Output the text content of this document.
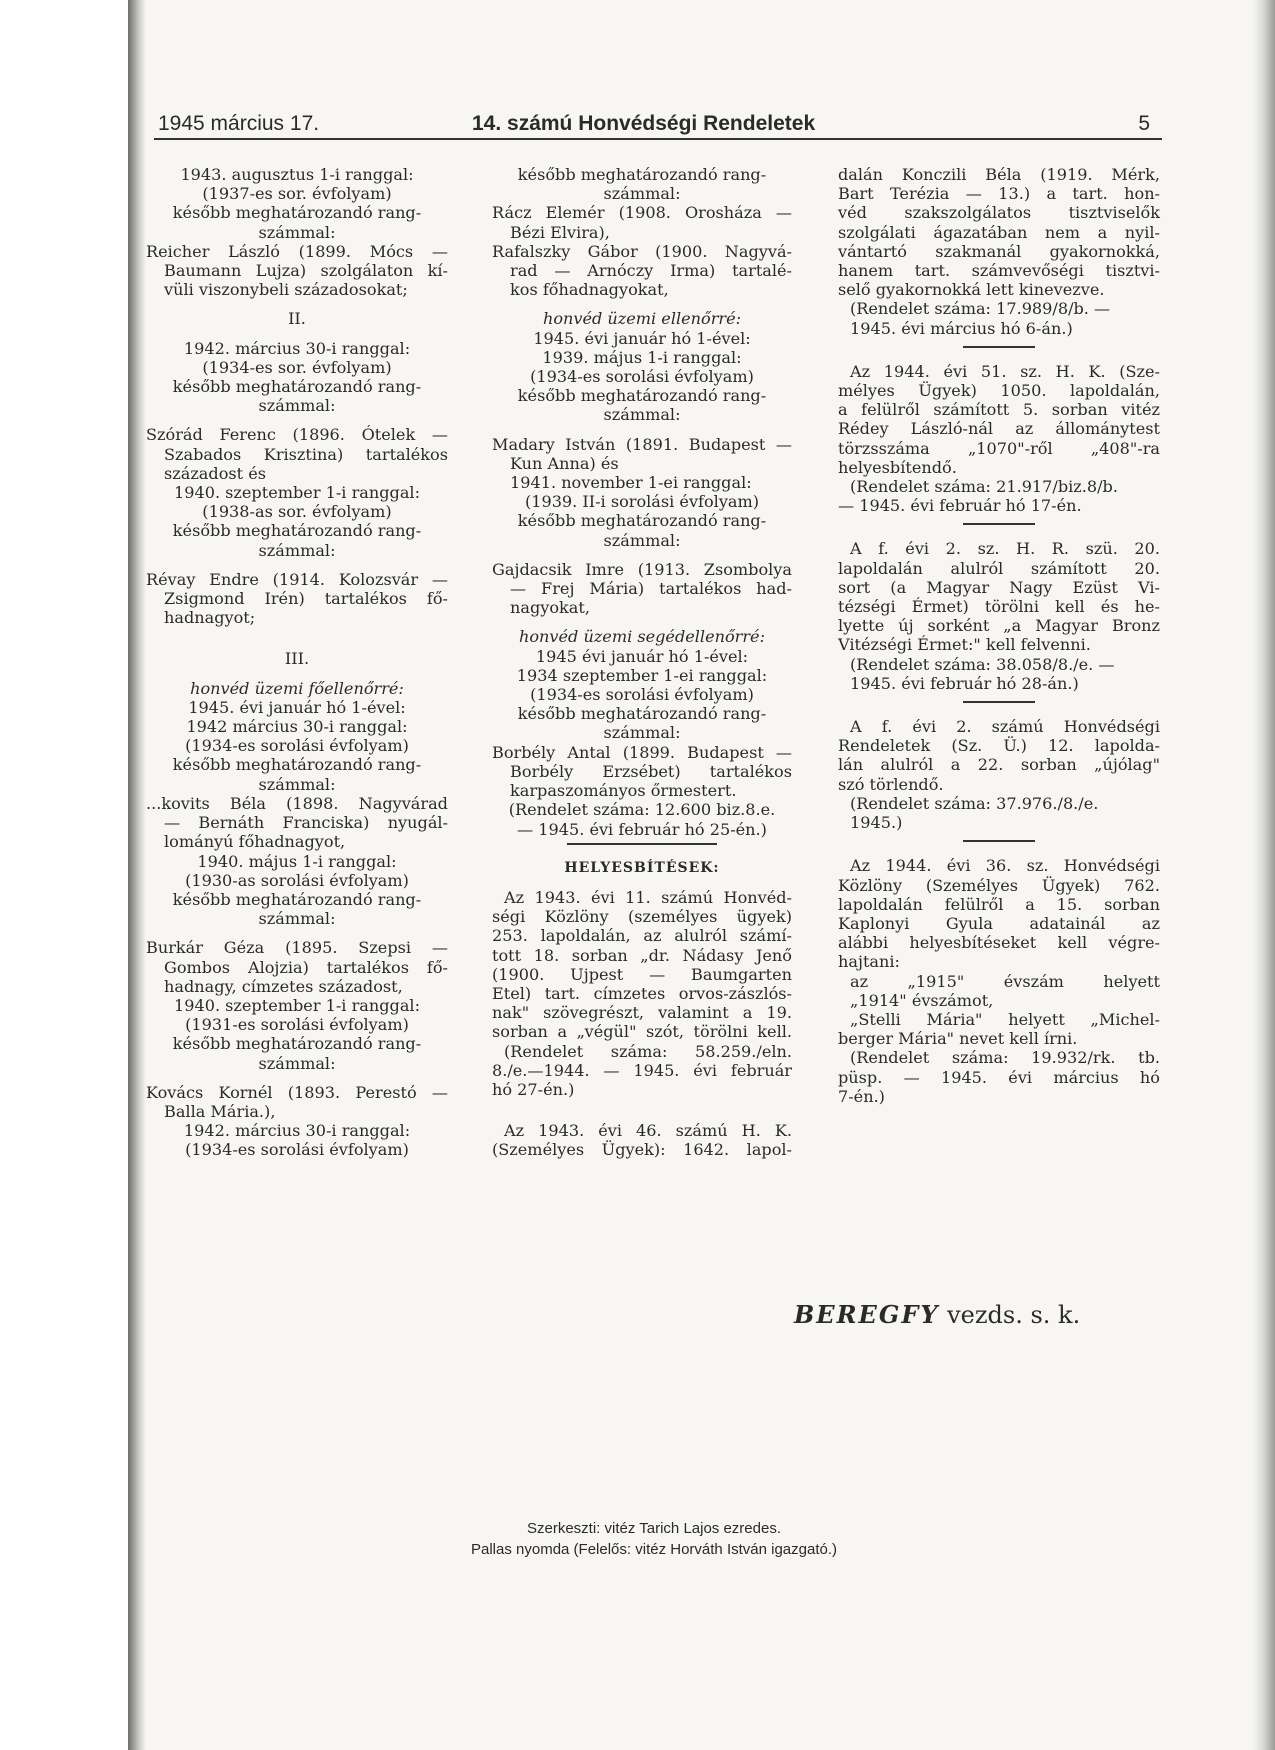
1945 március 17.	14. számú Honvédségi Rendeletek	5

1943. augusztus 1-i ranggal:

(1937-es sor. évfolyam)

később meghatározandó rang-

számmal:

Reicher László (1899. Mócs —

Baumann Lujza) szolgálaton kí-

vüli viszonybeli századosokat;

II.

1942. március 30-i ranggal:

(1934-es sor. évfolyam)

később meghatározandó rang-

számmal:

Szórád Ferenc (1896. Ótelek —

Szabados Krisztina) tartalékos

századost és

1940. szeptember 1-i ranggal:

(1938-as sor. évfolyam)

később meghatározandó rang-

számmal:

Révay Endre (1914. Kolozsvár —

Zsigmond Irén) tartalékos fő-

hadnagyot;

III.

honvéd üzemi főellenőrré:

1945. évi január hó 1-ével:

1942 március 30-i ranggal:

(1934-es sorolási évfolyam)

később meghatározandó rang-

számmal:

...kovits Béla (1898. Nagyvárad

— Bernáth Franciska) nyugál-

lományú főhadnagyot,

1940. május 1-i ranggal:

(1930-as sorolási évfolyam)

később meghatározandó rang-

számmal:

Burkár Géza (1895. Szepsi —

Gombos Alojzia) tartalékos fő-

hadnagy, címzetes századost,

1940. szeptember 1-i ranggal:

(1931-es sorolási évfolyam)

később meghatározandó rang-

számmal:

Kovács Kornél (1893. Perestó —

Balla Mária.),

1942. március 30-i ranggal:

(1934-es sorolási évfolyam)

később meghatározandó rang-

számmal:

Rácz Elemér (1908. Orosháza —

Bézi Elvira),

Rafalszky Gábor (1900. Nagyvá-

rad — Arnóczy Irma) tartalé-

kos főhadnagyokat,

honvéd üzemi ellenőrré:

1945. évi január hó 1-ével:

1939. május 1-i ranggal:

(1934-es sorolási évfolyam)

később meghatározandó rang-

számmal:

Madary István (1891. Budapest —

Kun Anna) és

1941. november 1-ei ranggal:

(1939. II-i sorolási évfolyam)

később meghatározandó rang-

számmal:

Gajdacsik Imre (1913. Zsombolya

— Frej Mária) tartalékos had-

nagyokat,

honvéd üzemi segédellenőrré:

1945 évi január hó 1-ével:

1934 szeptember 1-ei ranggal:

(1934-es sorolási évfolyam)

később meghatározandó rang-

számmal:

Borbély Antal (1899. Budapest —

Borbély Erzsébet) tartalékos

karpaszományos őrmestert.

(Rendelet száma: 12.600 biz.8.e.

— 1945. évi február hó 25-én.)

HELYESBÍTÉSEK:

Az 1943. évi 11. számú Honvéd-

ségi Közlöny (személyes ügyek)

253. lapoldalán, az alulról számí-

tott 18. sorban „dr. Nádasy Jenő

(1900. Ujpest — Baumgarten

Etel) tart. címzetes orvos-zászlós-

nak" szövegrészt, valamint a 19.

sorban a „végül" szót, törölni kell.

(Rendelet száma: 58.259./eln.

8./e.—1944. — 1945. évi február

hó 27-én.)

Az 1943. évi 46. számú H. K.

(Személyes Ügyek): 1642. lapol-

dalán Konczili Béla (1919. Mérk,

Bart Terézia — 13.) a tart. hon-

véd szakszolgálatos tisztviselők

szolgálati ágazatában nem a nyil-

vántartó szakmanál gyakornokká,

hanem tart. számvevőségi tisztvi-

selő gyakornokká lett kinevezve.

(Rendelet száma: 17.989/8/b. —

1945. évi március hó 6-án.)

Az 1944. évi 51. sz. H. K. (Sze-

mélyes Ügyek) 1050. lapoldalán,

a felülről számított 5. sorban vitéz

Rédey László-nál az állománytest

törzsszáma „1070"-ről „408"-ra

helyesbítendő.

(Rendelet száma: 21.917/biz.8/b.

— 1945. évi február hó 17-én.

A f. évi 2. sz. H. R. szü. 20.

lapoldalán alulról számított 20.

sort (a Magyar Nagy Ezüst Vi-

tézségi Érmet) törölni kell és he-

lyette új sorként „a Magyar Bronz

Vitézségi Érmet:" kell felvenni.

(Rendelet száma: 38.058/8./e. —

1945. évi február hó 28-án.)

A f. évi 2. számú Honvédségi

Rendeletek (Sz. Ü.) 12. lapolda-

lán alulról a 22. sorban „újólag"

szó törlendő.

(Rendelet száma: 37.976./8./e.

1945.)

Az 1944. évi 36. sz. Honvédségi

Közlöny (Személyes Ügyek) 762.

lapoldalán felülről a 15. sorban

Kaplonyi Gyula adatainál az

alábbi helyesbítéseket kell végre-

hajtani:

az „1915" évszám helyett

„1914" évszámot,

„Stelli Mária" helyett „Michel-

berger Mária" nevet kell írni.

(Rendelet száma: 19.932/rk. tb.

püsp. — 1945. évi március hó

7-én.)

BEREGFY vezds. s. k.
Szerkeszti: vitéz Tarich Lajos ezredes.
Pallas nyomda (Felelős: vitéz Horváth István igazgató.)
